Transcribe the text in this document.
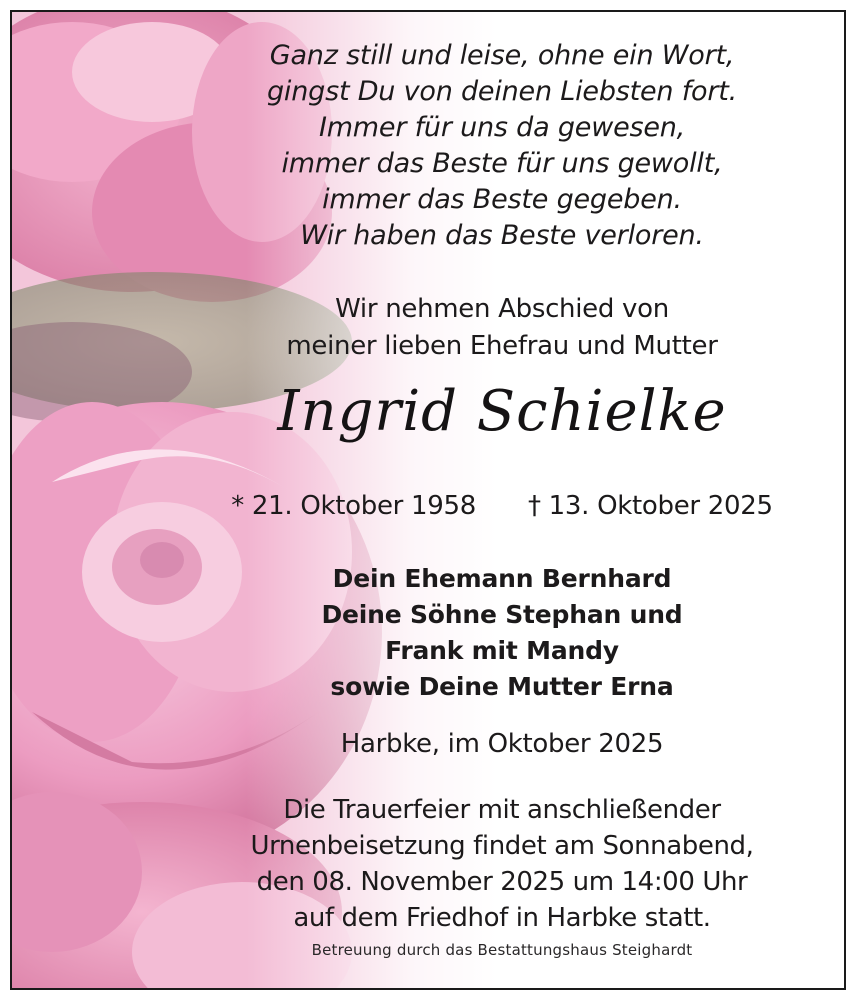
Ganz still und leise, ohne ein Wort,
gingst Du von deinen Liebsten fort.
Immer für uns da gewesen,
immer das Beste für uns gewollt,
immer das Beste gegeben.
Wir haben das Beste verloren.
Wir nehmen Abschied von
meiner lieben Ehefrau und Mutter
Ingrid Schielke
* 21. Oktober 1958 † 13. Oktober 2025
Dein Ehemann Bernhard
Deine Söhne Stephan und
Frank mit Mandy
sowie Deine Mutter Erna
Harbke, im Oktober 2025
Die Trauerfeier mit anschließender
Urnenbeisetzung findet am Sonnabend,
den 08. November 2025 um 14:00 Uhr
auf dem Friedhof in Harbke statt.
Betreuung durch das Bestattungshaus Steighardt
